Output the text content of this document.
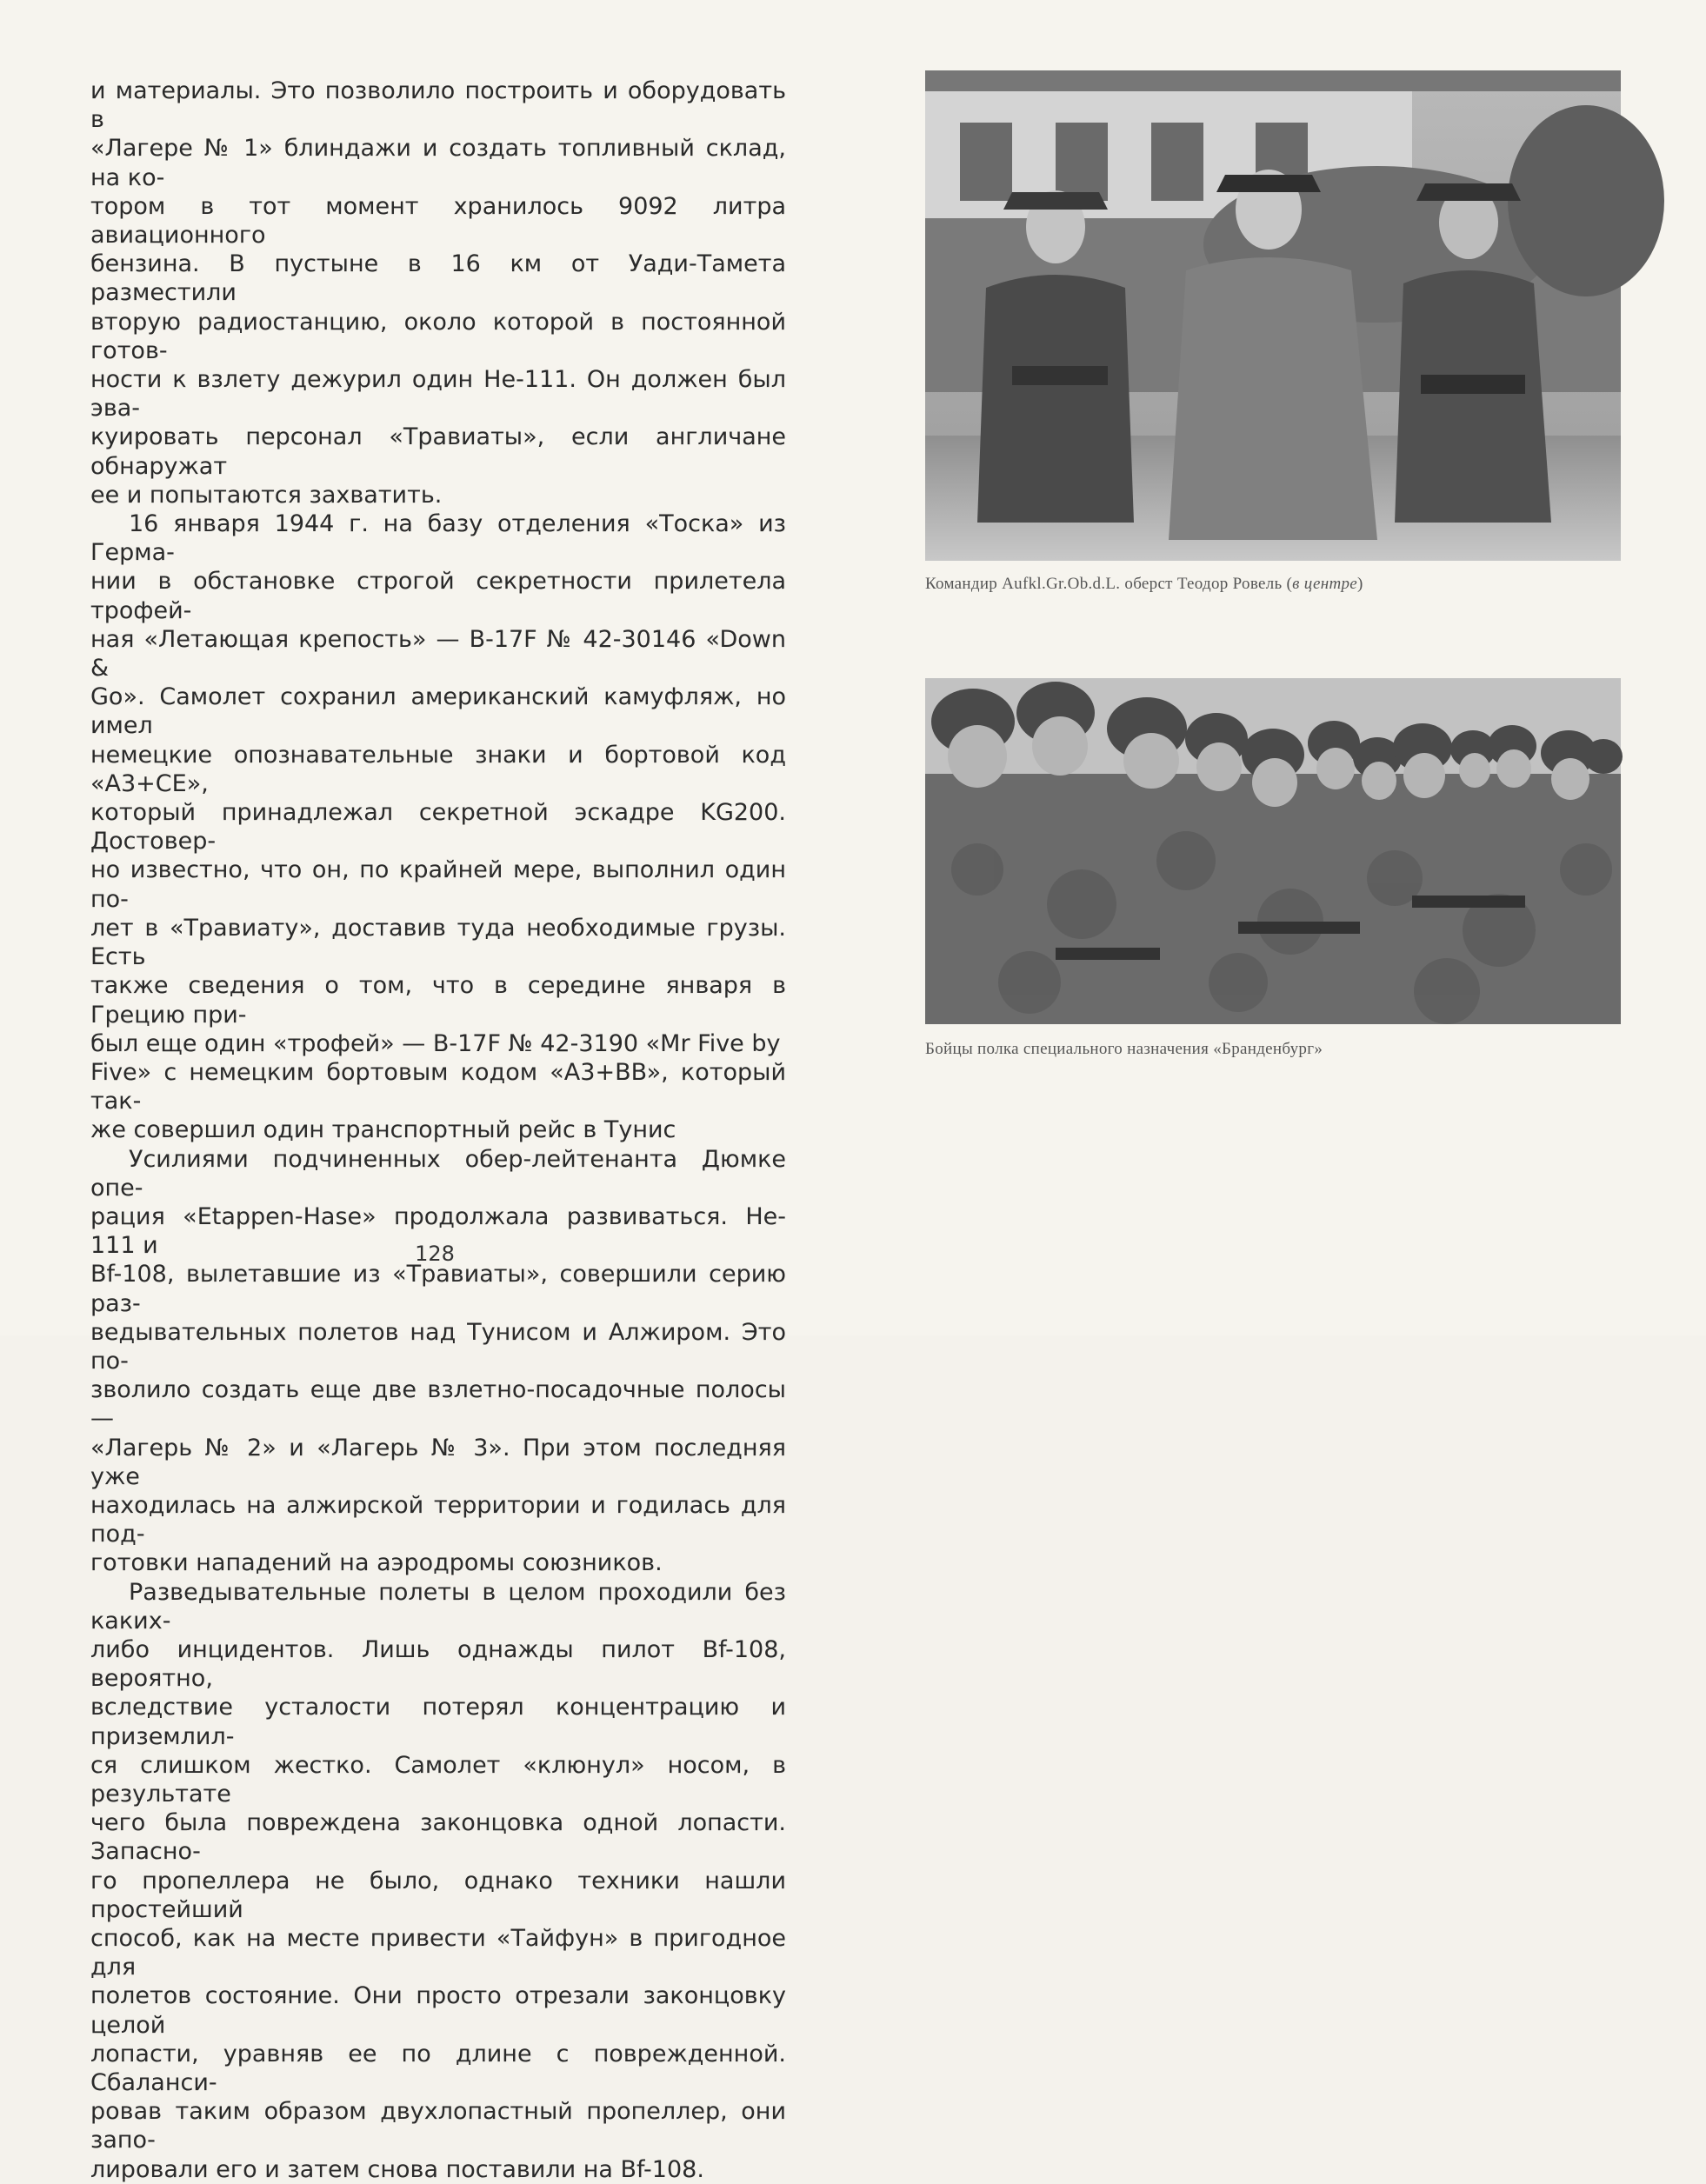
и материалы. Это позволило построить и оборудовать в
«Лагере № 1» блиндажи и создать топливный склад, на ко-
тором в тот момент хранилось 9092 литра авиационного
бензина. В пустыне в 16 км от Уади-Тамета разместили
вторую радиостанцию, около которой в постоянной готов-
ности к взлету дежурил один He-111. Он должен был эва-
куировать персонал «Травиаты», если англичане обнаружат
ее и попытаются захватить.

16 января 1944 г. на базу отделения «Тоска» из Герма-
нии в обстановке строгой секретности прилетела трофей-
ная «Летающая крепость» — В-17F № 42-30146 «Down &
Go». Самолет сохранил американский камуфляж, но имел
немецкие опознавательные знаки и бортовой код «A3+CE»,
который принадлежал секретной эскадре KG200. Достовер-
но известно, что он, по крайней мере, выполнил один по-
лет в «Травиату», доставив туда необходимые грузы. Есть
также сведения о том, что в середине января в Грецию при-
был еще один «трофей» — В-17F № 42-3190 «Mr Five by
Five» с немецким бортовым кодом «A3+BB», который так-
же совершил один транспортный рейс в Тунис

Усилиями подчиненных обер-лейтенанта Дюмке опе-
рация «Etappen-Hase» продолжала развиваться. He-111 и
Bf-108, вылетавшие из «Травиаты», совершили серию раз-
ведывательных полетов над Тунисом и Алжиром. Это по-
зволило создать еще две взлетно-посадочные полосы —
«Лагерь № 2» и «Лагерь № 3». При этом последняя уже
находилась на алжирской территории и годилась для под-
готовки нападений на аэродромы союзников.

Разведывательные полеты в целом проходили без каких-
либо инцидентов. Лишь однажды пилот Bf-108, вероятно,
вследствие усталости потерял концентрацию и приземлил-
ся слишком жестко. Самолет «клюнул» носом, в результате
чего была повреждена законцовка одной лопасти. Запасно-
го пропеллера не было, однако техники нашли простейший
способ, как на месте привести «Тайфун» в пригодное для
полетов состояние. Они просто отрезали законцовку целой
лопасти, уравняв ее по длине с поврежденной. Сбаланси-
ровав таким образом двухлопастный пропеллер, они запо-
лировали его и затем снова поставили на Bf-108.

128
Командир Aufkl.Gr.Ob.d.L. оберст Теодор Ровель (в центре)
Бойцы полка специального назначения «Бранденбург»
